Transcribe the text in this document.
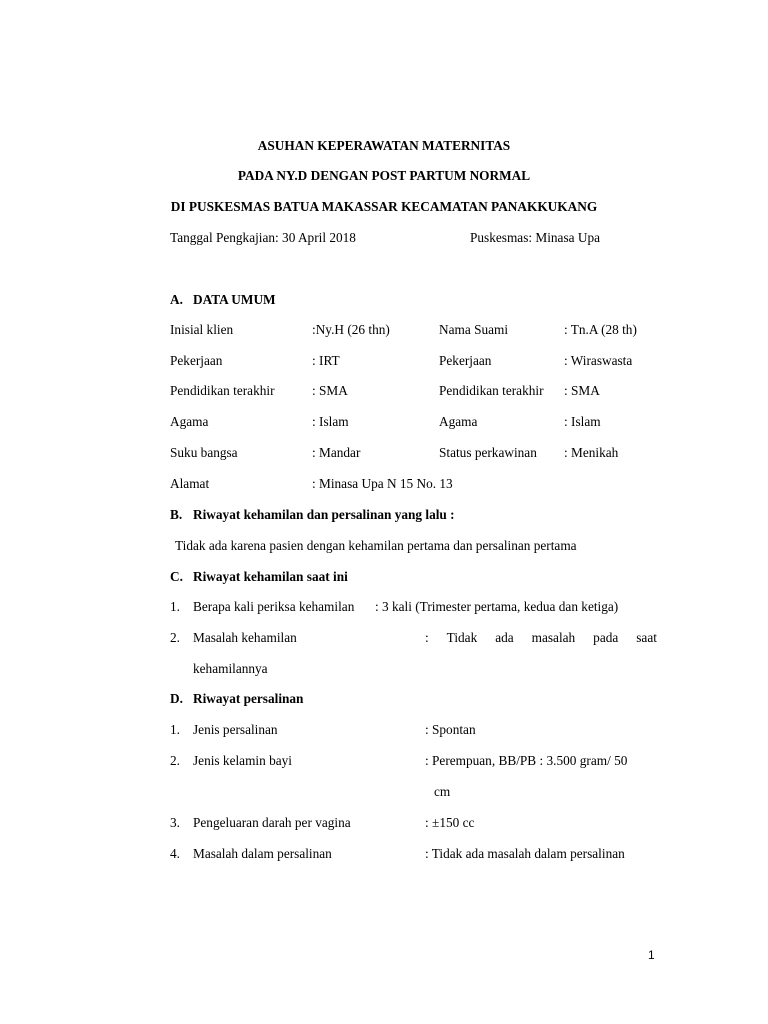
ASUHAN KEPERAWATAN MATERNITAS
PADA NY.D DENGAN POST PARTUM NORMAL
DI PUSKESMAS BATUA MAKASSAR KECAMATAN PANAKKUKANG
Tanggal Pengkajian: 30 April 2018	Puskesmas: Minasa Upa
A. DATA UMUM
Inisial klien	:Ny.H (26 thn)	Nama Suami	: Tn.A (28 th)
Pekerjaan	: IRT	Pekerjaan	: Wiraswasta
Pendidikan terakhir	: SMA	Pendidikan terakhir : SMA
Agama	: Islam	Agama	: Islam
Suku bangsa	: Mandar	Status perkawinan : Menikah
Alamat	: Minasa Upa N 15 No. 13
B. Riwayat kehamilan dan persalinan yang lalu :
Tidak ada karena pasien dengan kehamilan pertama dan persalinan pertama
C. Riwayat kehamilan saat ini
1. Berapa kali periksa kehamilan : 3 kali (Trimester pertama, kedua dan ketiga)
2. Masalah kehamilan	: Tidak ada masalah pada saat
kehamilannya
D. Riwayat persalinan
1. Jenis persalinan	: Spontan
2. Jenis kelamin bayi	: Perempuan, BB/PB : 3.500 gram/ 50
cm
3. Pengeluaran darah per vagina	: ±150 cc
4. Masalah dalam persalinan	: Tidak ada masalah dalam persalinan
1
